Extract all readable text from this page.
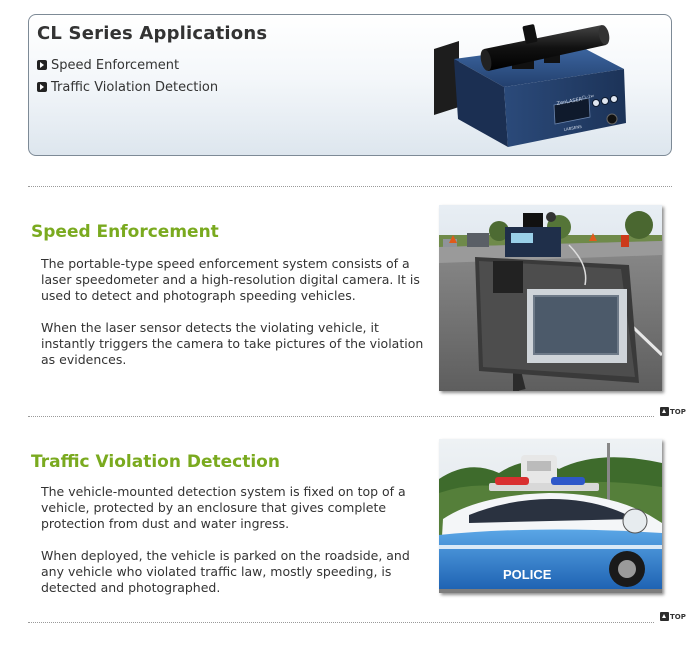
CL Series Applications
Speed Enforcement
Traffic Violation Detection
ZenLASER
CL-1w
LABSENS
Speed Enforcement

The portable-type speed enforcement system consists of a laser speedometer and a high-resolution digital camera. It is used to detect and photograph speeding vehicles.

When the laser sensor detects the violating vehicle, it instantly triggers the camera to take pictures of the violation as evidences.

TOP
Traffic Violation Detection

The vehicle-mounted detection system is fixed on top of a vehicle, protected by an enclosure that gives complete protection from dust and water ingress.

When deployed, the vehicle is parked on the roadside, and any vehicle who violated traffic law, mostly speeding, is detected and photographed.

POLICE
TOP
